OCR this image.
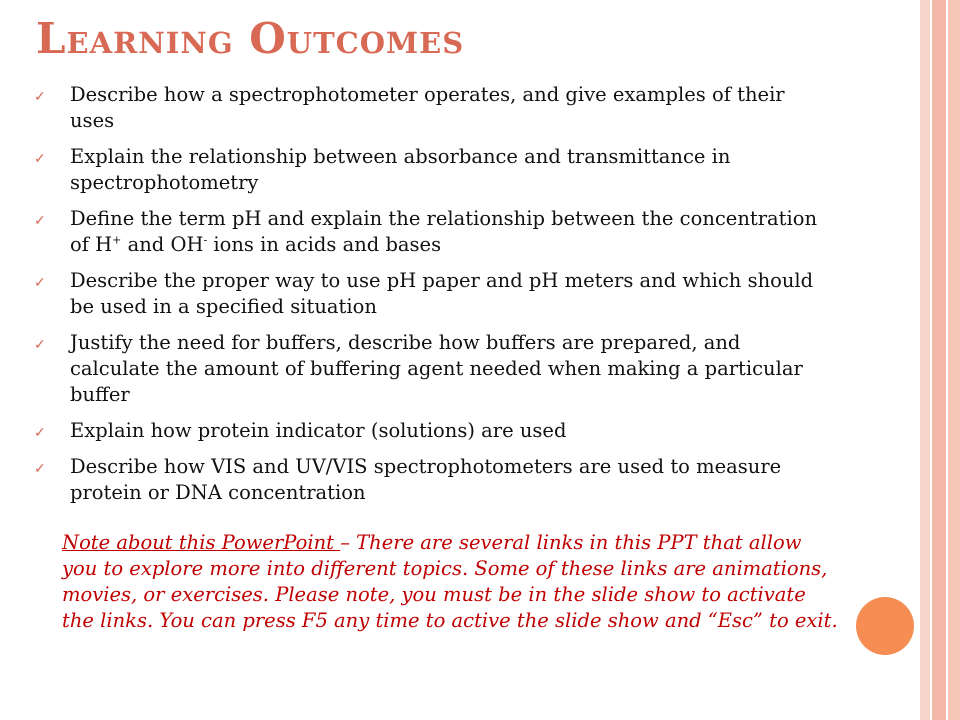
Learning Outcomes
✓ Describe how a spectrophotometer operates, and give examples of their uses
✓ Explain the relationship between absorbance and transmittance in spectrophotometry
✓ Define the term pH and explain the relationship between the concentration of H+ and OH- ions in acids and bases
✓ Describe the proper way to use pH paper and pH meters and which should be used in a specified situation
✓ Justify the need for buffers, describe how buffers are prepared, and calculate the amount of buffering agent needed when making a particular buffer
✓ Explain how protein indicator (solutions) are used
✓ Describe how VIS and UV/VIS spectrophotometers are used to measure protein or DNA concentration
Note about this PowerPoint – There are several links in this PPT that allow you to explore more into different topics. Some of these links are animations, movies, or exercises. Please note, you must be in the slide show to activate the links. You can press F5 any time to active the slide show and “Esc” to exit.
